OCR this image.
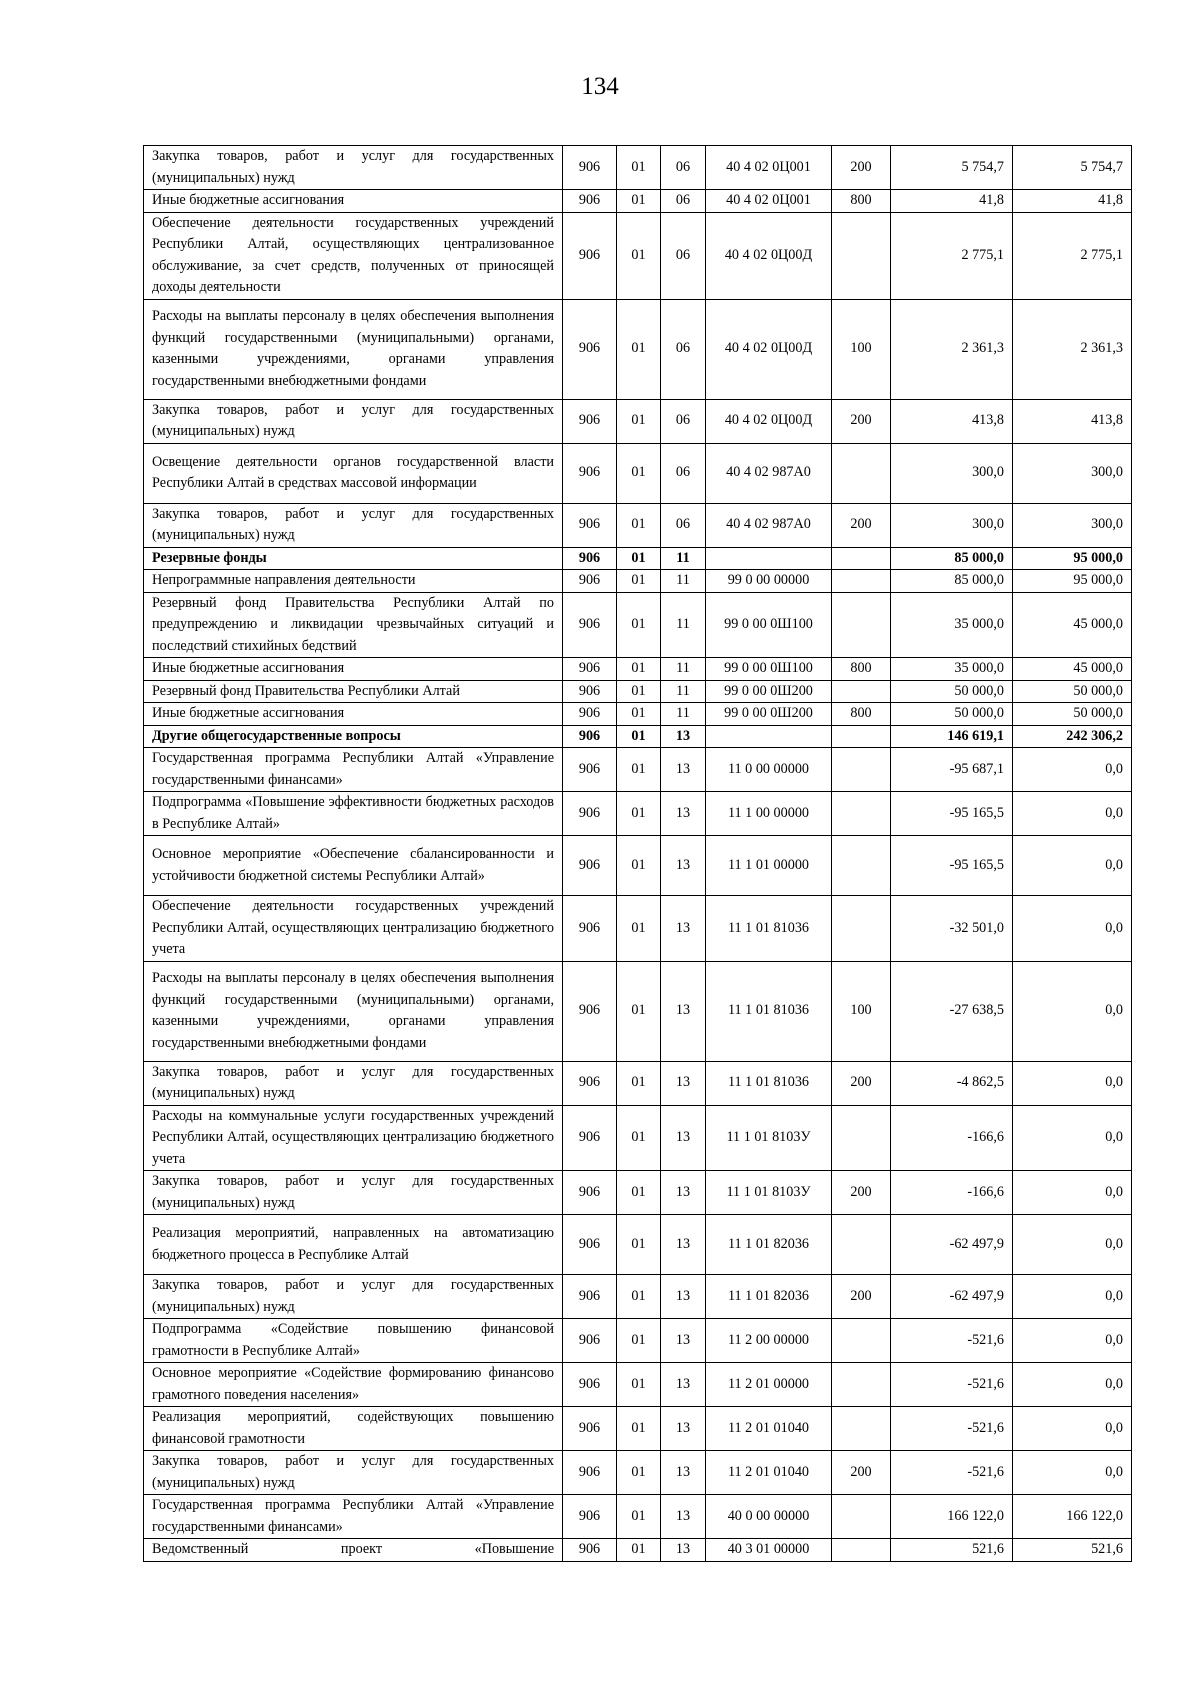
134
Закупка товаров, работ и услуг для государственных (муниципальных) нужд	906	01	06	40 4 02 0Ц001	200	5 754,7	5 754,7
Иные бюджетные ассигнования	906	01	06	40 4 02 0Ц001	800	41,8	41,8
Обеспечение деятельности государственных учреждений Республики Алтай, осуществляющих централизованное обслуживание, за счет средств, полученных от приносящей доходы деятельности	906	01	06	40 4 02 0Ц00Д		2 775,1	2 775,1
Расходы на выплаты персоналу в целях обеспечения выполнения функций государственными (муниципальными) органами, казенными учреждениями, органами управления государственными внебюджетными фондами	906	01	06	40 4 02 0Ц00Д	100	2 361,3	2 361,3
Закупка товаров, работ и услуг для государственных (муниципальных) нужд	906	01	06	40 4 02 0Ц00Д	200	413,8	413,8
Освещение деятельности органов государственной власти Республики Алтай в средствах массовой информации	906	01	06	40 4 02 987А0		300,0	300,0
Закупка товаров, работ и услуг для государственных (муниципальных) нужд	906	01	06	40 4 02 987А0	200	300,0	300,0
Резервные фонды	906	01	11			85 000,0	95 000,0
Непрограммные направления деятельности	906	01	11	99 0 00 00000		85 000,0	95 000,0
Резервный фонд Правительства Республики Алтай по предупреждению и ликвидации чрезвычайных ситуаций и последствий стихийных бедствий	906	01	11	99 0 00 0Ш100		35 000,0	45 000,0
Иные бюджетные ассигнования	906	01	11	99 0 00 0Ш100	800	35 000,0	45 000,0
Резервный фонд Правительства Республики Алтай	906	01	11	99 0 00 0Ш200		50 000,0	50 000,0
Иные бюджетные ассигнования	906	01	11	99 0 00 0Ш200	800	50 000,0	50 000,0
Другие общегосударственные вопросы	906	01	13			146 619,1	242 306,2
Государственная программа Республики Алтай «Управление государственными финансами»	906	01	13	11 0 00 00000		-95 687,1	0,0
Подпрограмма «Повышение эффективности бюджетных расходов в Республике Алтай»	906	01	13	11 1 00 00000		-95 165,5	0,0
Основное мероприятие «Обеспечение сбалансированности и устойчивости бюджетной системы Республики Алтай»	906	01	13	11 1 01 00000		-95 165,5	0,0
Обеспечение деятельности государственных учреждений Республики Алтай, осуществляющих централизацию бюджетного учета	906	01	13	11 1 01 81036		-32 501,0	0,0
Расходы на выплаты персоналу в целях обеспечения выполнения функций государственными (муниципальными) органами, казенными учреждениями, органами управления государственными внебюджетными фондами	906	01	13	11 1 01 81036	100	-27 638,5	0,0
Закупка товаров, работ и услуг для государственных (муниципальных) нужд	906	01	13	11 1 01 81036	200	-4 862,5	0,0
Расходы на коммунальные услуги государственных учреждений Республики Алтай, осуществляющих централизацию бюджетного учета	906	01	13	11 1 01 8103У		-166,6	0,0
Закупка товаров, работ и услуг для государственных (муниципальных) нужд	906	01	13	11 1 01 8103У	200	-166,6	0,0
Реализация мероприятий, направленных на автоматизацию бюджетного процесса в Республике Алтай	906	01	13	11 1 01 82036		-62 497,9	0,0
Закупка товаров, работ и услуг для государственных (муниципальных) нужд	906	01	13	11 1 01 82036	200	-62 497,9	0,0
Подпрограмма «Содействие повышению финансовой грамотности в Республике Алтай»	906	01	13	11 2 00 00000		-521,6	0,0
Основное мероприятие «Содействие формированию финансово грамотного поведения населения»	906	01	13	11 2 01 00000		-521,6	0,0
Реализация мероприятий, содействующих повышению финансовой грамотности	906	01	13	11 2 01 01040		-521,6	0,0
Закупка товаров, работ и услуг для государственных (муниципальных) нужд	906	01	13	11 2 01 01040	200	-521,6	0,0
Государственная программа Республики Алтай «Управление государственными финансами»	906	01	13	40 0 00 00000		166 122,0	166 122,0
Ведомственный проект «Повышение	906	01	13	40 3 01 00000		521,6	521,6
